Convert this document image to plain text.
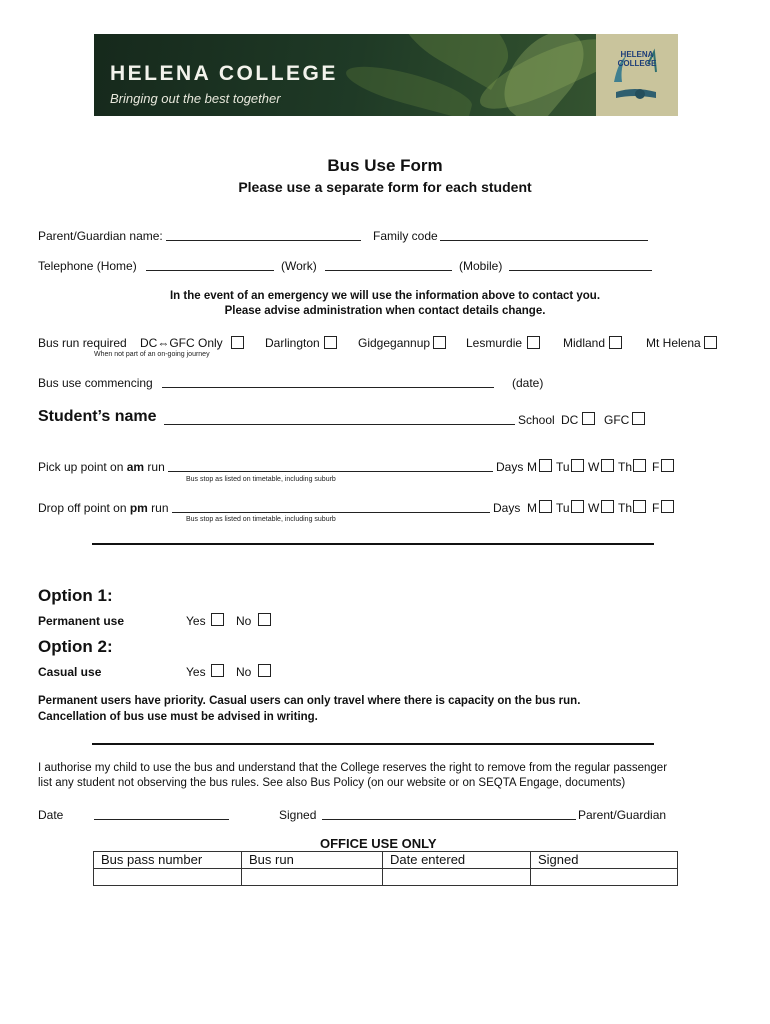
HELENA COLLEGE
Bringing out the best together
HELENA
COLLEGE
Bus Use Form
Please use a separate form for each student
Parent/Guardian name:	Family code
Telephone (Home)	(Work)	(Mobile)
In the event of an emergency we will use the information above to contact you.
Please advise administration when contact details change.
Bus run required
When not part of an on-going journey
DC⇔GFC Only	Darlington	Gidgegannup	Lesmurdie	Midland	Mt Helena
Bus use commencing	(date)
Student’s name	School DC GFC
Pick up point on am run
Bus stop as listed on timetable, including suburb
Days M Tu W Th F
Drop off point on pm run
Bus stop as listed on timetable, including suburb
Days M Tu W Th F
Option 1:
Permanent use	Yes	No
Option 2:
Casual use	Yes	No
Permanent users have priority. Casual users can only travel where there is capacity on the bus run.
Cancellation of bus use must be advised in writing.
I authorise my child to use the bus and understand that the College reserves the right to remove from the regular passenger
list any student not observing the bus rules. See also Bus Policy (on our website or on SEQTA Engage, documents)
Date	Signed	Parent/Guardian
OFFICE USE ONLY
Bus pass number	Bus run	Date entered	Signed
